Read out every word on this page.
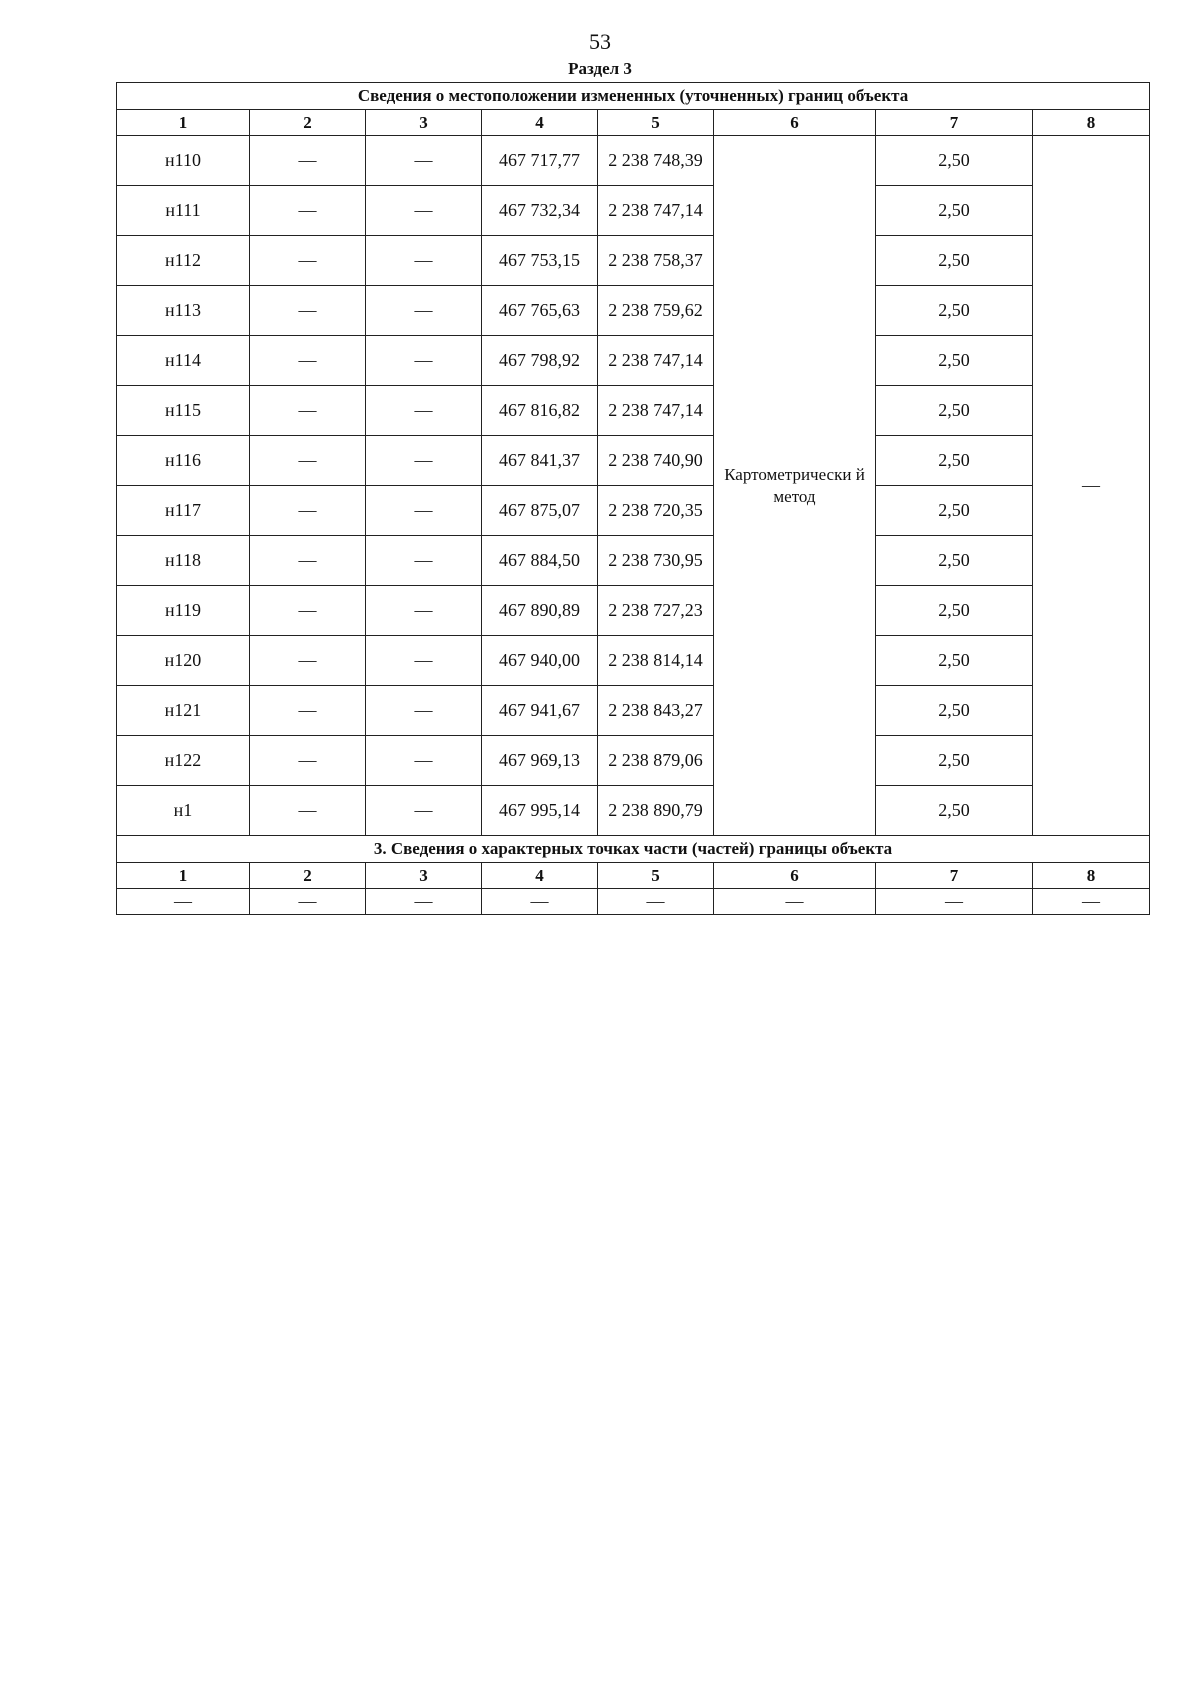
53
Раздел 3
Сведения о местоположении измененных (уточненных) границ объекта							
1	2	3	4	5	6	7	8
н110	—	—	467 717,77	2 238 748,39	Картометрически й метод	2,50	—
н111	—	—	467 732,34	2 238 747,14		2,50	
н112	—	—	467 753,15	2 238 758,37		2,50	
н113	—	—	467 765,63	2 238 759,62		2,50	
н114	—	—	467 798,92	2 238 747,14		2,50	
н115	—	—	467 816,82	2 238 747,14		2,50	
н116	—	—	467 841,37	2 238 740,90		2,50	
н117	—	—	467 875,07	2 238 720,35		2,50	
н118	—	—	467 884,50	2 238 730,95		2,50	
н119	—	—	467 890,89	2 238 727,23		2,50	
н120	—	—	467 940,00	2 238 814,14		2,50	
н121	—	—	467 941,67	2 238 843,27		2,50	
н122	—	—	467 969,13	2 238 879,06		2,50	
н1	—	—	467 995,14	2 238 890,79		2,50	
3. Сведения о характерных точках части (частей) границы объекта							
1	2	3	4	5	6	7	8
—	—	—	—	—	—	—	—
